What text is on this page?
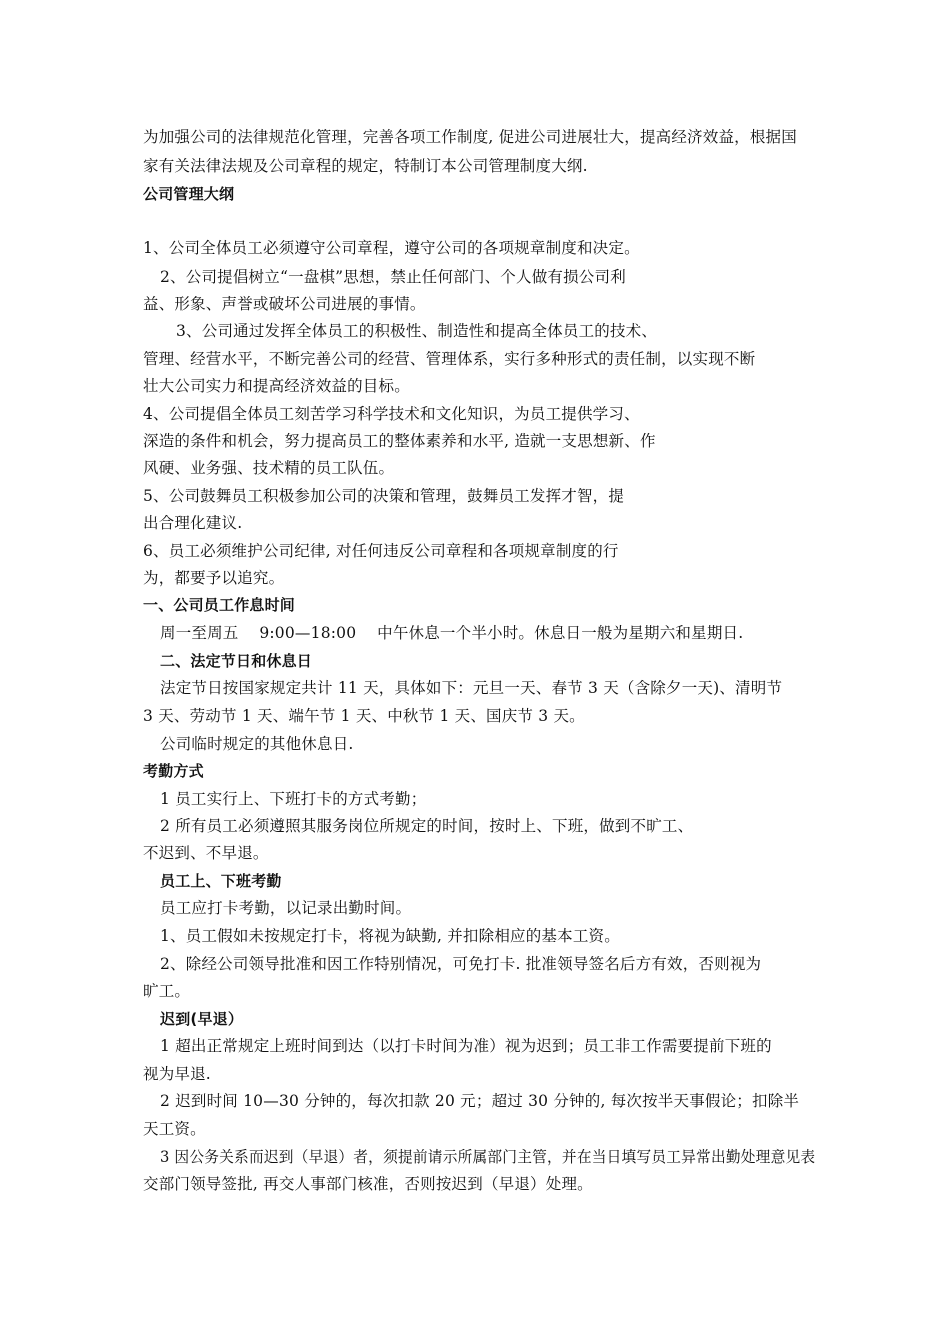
为加强公司的法律规范化管理，完善各项工作制度, 促进公司进展壮大，提高经济效益，根据国
家有关法律法规及公司章程的规定，特制订本公司管理制度大纲.
公司管理大纲
1、公司全体员工必须遵守公司章程，遵守公司的各项规章制度和决定。
2、公司提倡树立“一盘棋”思想，禁止任何部门、个人做有损公司利
益、形象、声誉或破坏公司进展的事情。
3、公司通过发挥全体员工的积极性、制造性和提高全体员工的技术、
管理、经营水平，不断完善公司的经营、管理体系，实行多种形式的责任制，以实现不断
壮大公司实力和提高经济效益的目标。
4、公司提倡全体员工刻苦学习科学技术和文化知识，为员工提供学习、
深造的条件和机会，努力提高员工的整体素养和水平, 造就一支思想新、作
风硬、业务强、技术精的员工队伍。
5、公司鼓舞员工积极参加公司的决策和管理，鼓舞员工发挥才智，提
出合理化建议.
6、员工必须维护公司纪律, 对任何违反公司章程和各项规章制度的行
为，都要予以追究。
一、公司员工作息时间
周一至周五　 9:00—18:00　 中午休息一个半小时。休息日一般为星期六和星期日.
二、法定节日和休息日
法定节日按国家规定共计 11 天，具体如下：元旦一天、春节 3 天（含除夕一天)、清明节
3 天、劳动节 1 天、端午节 1 天、中秋节 1 天、国庆节 3 天。
公司临时规定的其他休息日.
考勤方式
1 员工实行上、下班打卡的方式考勤；
2 所有员工必须遵照其服务岗位所规定的时间，按时上、下班，做到不旷工、
不迟到、不早退。
员工上、下班考勤
员工应打卡考勤，以记录出勤时间。
1、员工假如未按规定打卡，将视为缺勤, 并扣除相应的基本工资。
2、除经公司领导批准和因工作特别情况，可免打卡. 批准领导签名后方有效，否则视为
旷工。
迟到(早退）
1 超出正常规定上班时间到达（以打卡时间为准）视为迟到；员工非工作需要提前下班的
视为早退.
2 迟到时间 10—30 分钟的，每次扣款 20 元；超过 30 分钟的, 每次按半天事假论；扣除半
天工资。
3 因公务关系而迟到（早退）者，须提前请示所属部门主管，并在当日填写员工异常出勤处理意见表
交部门领导签批, 再交人事部门核准，否则按迟到（早退）处理。
